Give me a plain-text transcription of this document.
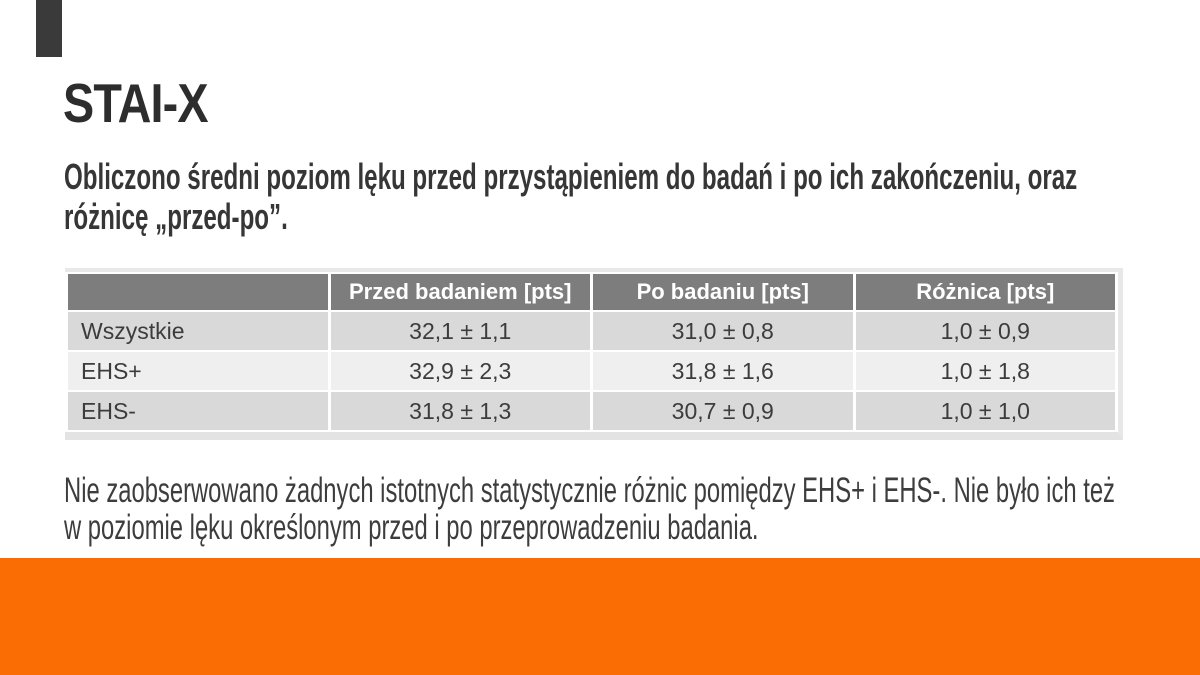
STAI-X
Obliczono średni poziom lęku przed przystąpieniem do badań i po ich zakończeniu, oraz
różnicę „przed-po”.
	Przed badaniem [pts]	Po badaniu [pts]	Różnica [pts]
Wszystkie	32,1 ± 1,1	31,0 ± 0,8	1,0 ± 0,9
EHS+	32,9 ± 2,3	31,8 ± 1,6	1,0 ± 1,8
EHS-	31,8 ± 1,3	30,7 ± 0,9	1,0 ± 1,0
Nie zaobserwowano żadnych istotnych statystycznie różnic pomiędzy EHS+ i EHS-. Nie było ich też
w poziomie lęku określonym przed i po przeprowadzeniu badania.
